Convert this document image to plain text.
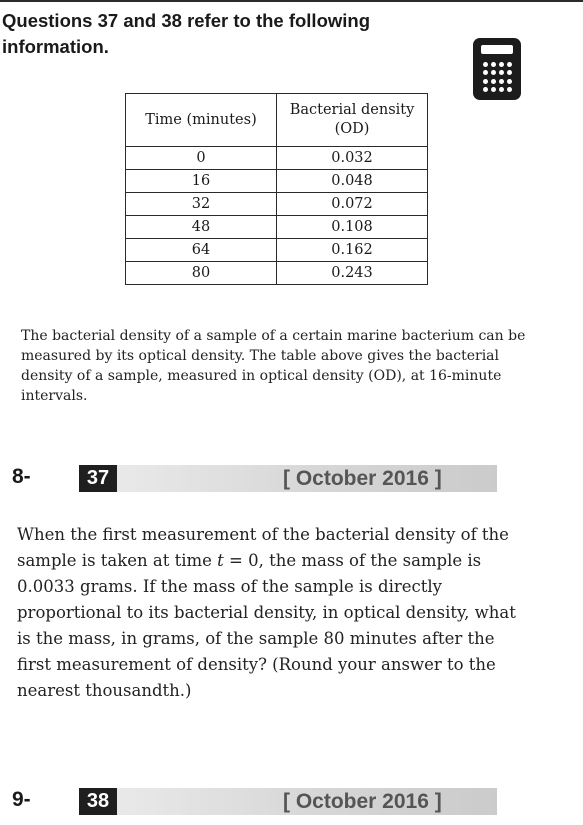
Questions 37 and 38 refer to the following information.
Time (minutes)	Bacterial density (OD)
0	0.032
16	0.048
32	0.072
48	0.108
64	0.162
80	0.243
The bacterial density of a sample of a certain marine bacterium can be measured by its optical density. The table above gives the bacterial density of a sample, measured in optical density (OD), at 16-minute intervals.
8-	37	[ October 2016 ]
When the first measurement of the bacterial density of the sample is taken at time t = 0, the mass of the sample is 0.0033 grams. If the mass of the sample is directly proportional to its bacterial density, in optical density, what is the mass, in grams, of the sample 80 minutes after the first measurement of density? (Round your answer to the nearest thousandth.)
9-	38	[ October 2016 ]
